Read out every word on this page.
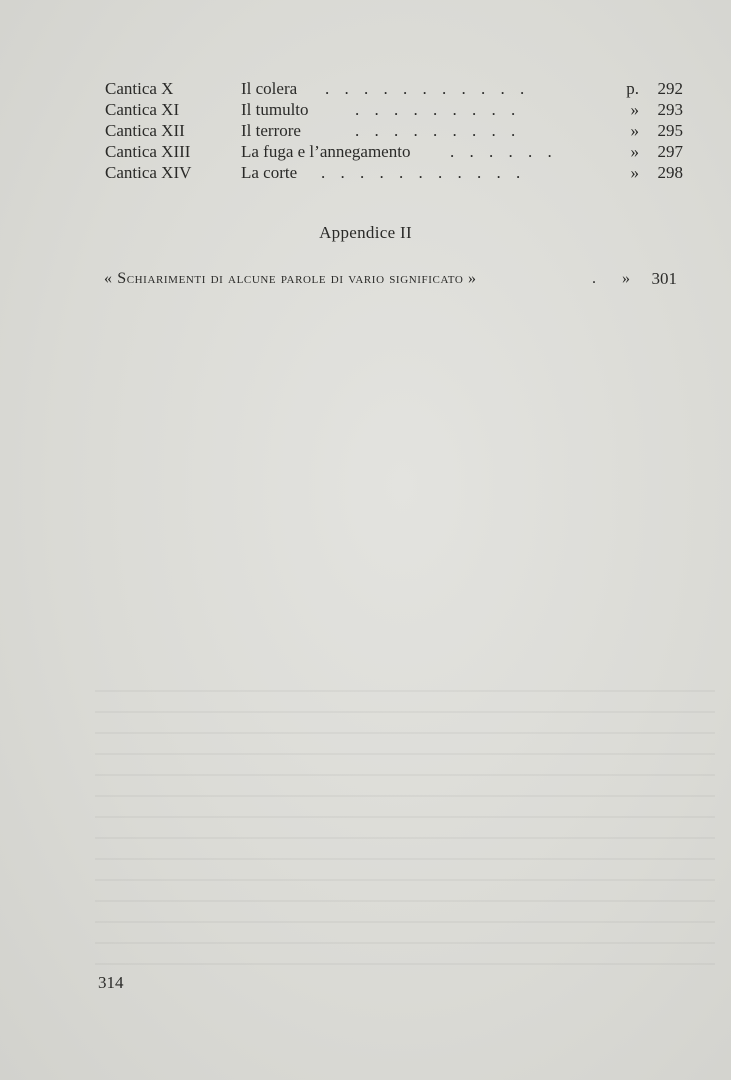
Cantica X	Il colera . . . . . . . . . . .	p. 292
Cantica XI	Il tumulto	. . . . . . . . .	» 293
Cantica XII	Il terrore	. . . . . . . . .	» 295
Cantica XIII	La fuga e l’annegamento . . . . . .	» 297
Cantica XIV	La corte . . . . . . . . . . .	» 298
Appendice II
« Schiarimenti di alcune parole di vario significato »	. » 301
314
